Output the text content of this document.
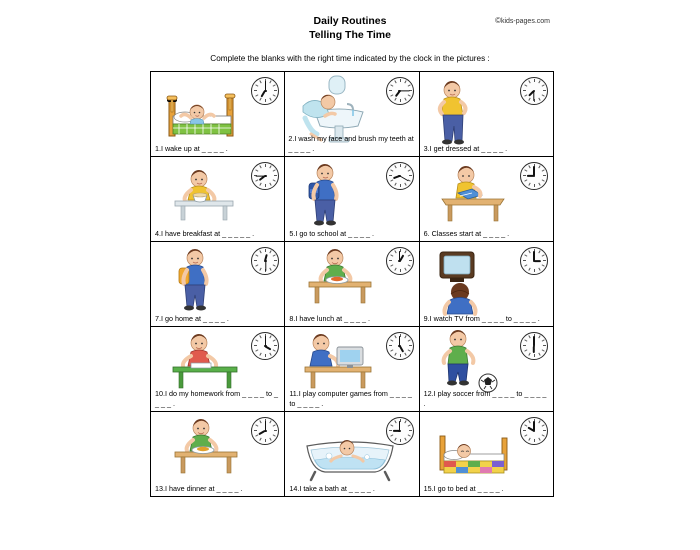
©kids-pages.com
Daily Routines
Telling The Time
Complete the blanks with the right time indicated by the clock in the pictures :
1.I wake up at _ _ _ _ .	2.I wash my face and brush my teeth at _ _ _ _ .	3.I get dressed at _ _ _ _ .

4.I have breakfast at _ _ _ _ _ .	5.I go to school at _ _ _ _ .	6. Classes start at _ _ _ _ .

7.I go home at _ _ _ _ .	8.I have lunch at _ _ _ _ .	9.I watch TV from _ _ _ _ to _ _ _ _ .

10.I do my homework from _ _ _ _ to _ _ _ _ .	11.I play computer games from _ _ _ _ to _ _ _ _ .	12.I play soccer from _ _ _ _ to _ _ _ _ .

13.I have dinner at _ _ _ _ .	14.I take a bath at _ _ _ _ .	15.I go to bed at _ _ _ _ .
